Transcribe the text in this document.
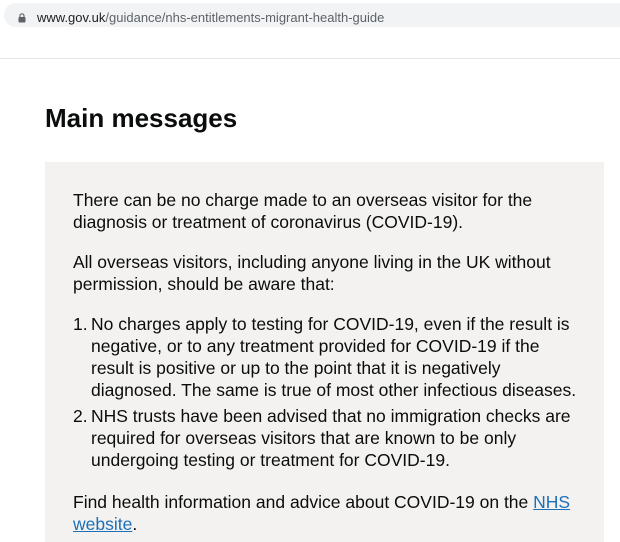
www.gov.uk/guidance/nhs-entitlements-migrant-health-guide
Main messages

There can be no charge made to an overseas visitor for the diagnosis or treatment of coronavirus (COVID-19).

All overseas visitors, including anyone living in the UK without permission, should be aware that:

1. No charges apply to testing for COVID-19, even if the result is negative, or to any treatment provided for COVID-19 if the result is positive or up to the point that it is negatively diagnosed. The same is true of most other infectious diseases.
2. NHS trusts have been advised that no immigration checks are required for overseas visitors that are known to be only undergoing testing or treatment for COVID-19.

Find health information and advice about COVID-19 on the NHS website.
